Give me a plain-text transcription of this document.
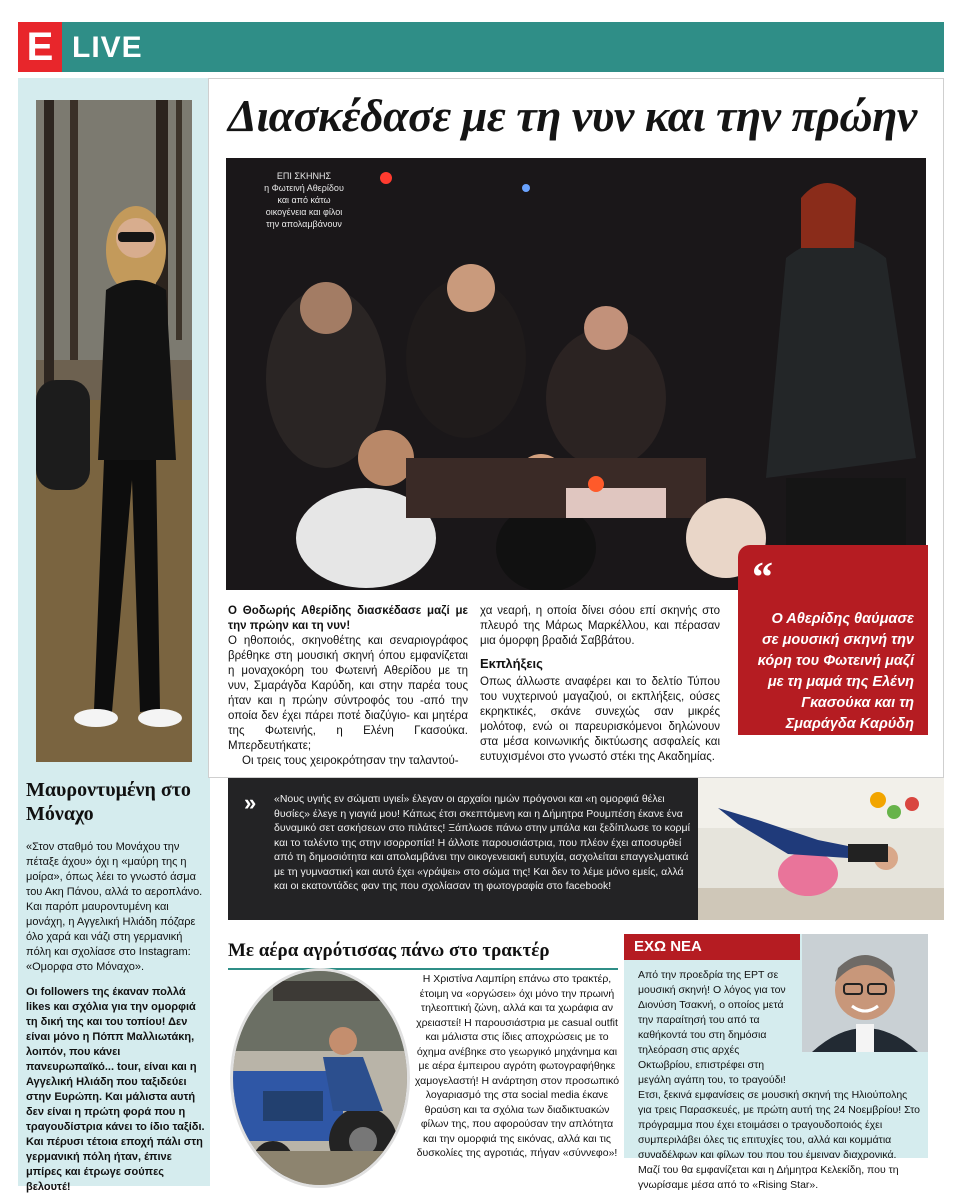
E LIVE
Μαυροντυμένη στο Μόναχο

«Στον σταθμό του Μονάχου την πέταξε άχου» όχι η «μαύρη της η μοίρα», όπως λέει το γνωστό άσμα του Ακη Πάνου, αλλά το αεροπλάνο. Και παρόπ μαυροντυμένη και μονάχη, η Αγγελική Ηλιάδη πόζαρε όλο χαρά και νάζι στη γερμανική πόλη και σχολίασε στο Instagram: «Ομορφα στο Μόναχο».

Οι followers της έκαναν πολλά likes και σχόλια για την ομορφιά τη δική της και του τοπίου! Δεν είναι μόνο η Πόππ Μαλλιωτάκη, λοιπόν, που κάνει πανευρωπαϊκό... tour, είναι και η Αγγελική Ηλιάδη που ταξιδεύει στην Ευρώπη. Και μάλιστα αυτή δεν είναι η πρώτη φορά που η τραγουδίστρια κάνει το ίδιο ταξίδι. Και πέρυσι τέτοια εποχή πάλι στη γερμανική πόλη ήταν, έπινε μπίρες και έτρωγε σούπες βελουτέ!

Διασκέδασε με τη νυν και την πρώην
ΕΠΙ ΣΚΗΝΗΣ
η Φωτεινή Αθερίδου
και από κάτω
οικογένεια και φίλοι
την απολαμβάνουν

Ο Θοδωρής Αθερίδης διασκέδασε μαζί με την πρώην και τη νυν!

Ο ηθοποιός, σκηνοθέτης και σεναριογράφος βρέθηκε στη μουσική σκηνή όπου εμφανίζεται η μοναχοκόρη του Φωτεινή Αθερίδου με τη νυν, Σμαράγδα Καρύδη, και στην παρέα τους ήταν και η πρώην σύντροφός του -από την οποία δεν έχει πάρει ποτέ διαζύγιο- και μητέρα της Φωτεινής, η Ελένη Γκασούκα. Μπερδευτήκατε;

Οι τρεις τους χειροκρότησαν την ταλαντού-

χα νεαρή, η οποία δίνει σόου επί σκηνής στο πλευρό της Μάρως Μαρκέλλου, και πέρασαν μια όμορφη βραδιά Σαββάτου.

Εκπλήξεις

Οπως άλλωστε αναφέρει και το δελτίο Τύπου του νυχτερινού μαγαζιού, οι εκπλήξεις, ούσες εκρηκτικές, σκάνε συνεχώς σαν μικρές μολότοφ, ενώ οι παρευρισκόμενοι δηλώνουν στα μέσα κοινωνικής δικτύωσης ασφαλείς και ευτυχισμένοι στο γνωστό στέκι της Ακαδημίας.

“
Ο Αθερίδης θαύμασε σε μουσική σκηνή την κόρη του Φωτεινή μαζί με τη μαμά της Ελένη Γκασούκα και τη Σμαράγδα Καρύδη
» «Νους υγιής εν σώματι υγιεί» έλεγαν οι αρχαίοι ημών πρόγονοι και «η ομορφιά θέλει θυσίες» έλεγε η γιαγιά μου! Κάπως έτσι σκεπτόμενη και η Δήμητρα Ρουμπέση έκανε ένα δυναμικό σετ ασκήσεων στο πιλάτες! Ξάπλωσε πάνω στην μπάλα και ξεδίπλωσε το κορμί και το ταλέντο της στην ισορροπία! Η άλλοτε παρουσιάστρια, που πλέον έχει αποσυρθεί από τη δημοσιότητα και απολαμβάνει την οικογενειακή ευτυχία, ασχολείται επαγγελματικά με τη γυμναστική και αυτό έχει «γράψει» στο σώμα της! Και δεν το λέμε μόνο εμείς, αλλά και οι εκατοντάδες φαν της που σχολίασαν τη φωτογραφία στο facebook!
Με αέρα αγρότισσας πάνω στο τρακτέρ
Η Χριστίνα Λαμπίρη επάνω στο τρακτέρ, έτοιμη να «οργώσει» όχι μόνο την πρωινή τηλεοπτική ζώνη, αλλά και τα χωράφια αν χρειαστεί! Η παρουσιάστρια με casual outfit και μάλιστα στις ίδιες αποχρώσεις με το όχημα ανέβηκε στο γεωργικό μηχάνημα και με αέρα έμπειρου αγρότη φωτογραφήθηκε χαμογελαστή! Η ανάρτηση στον προσωπικό λογαριασμό της στα social media έκανε θραύση και τα σχόλια των διαδικτυακών φίλων της, που αφορούσαν την απλότητα και την ομορφιά της εικόνας, αλλά και τις δυσκολίες της αγροτιάς, πήγαν «σύννεφο»!
ΕΧΩ ΝΕΑ

Από την προεδρία της ΕΡΤ σε μουσική σκηνή! Ο λόγος για τον Διονύση Τσακνή, ο οποίος μετά την παραίτησή του από τα καθήκοντά του στη δημόσια τηλεόραση στις αρχές Οκτωβρίου, επιστρέφει στη μεγάλη αγάπη του, το τραγούδι!

Ετσι, ξεκινά εμφανίσεις σε μουσική σκηνή της Ηλιούπολης για τρεις Παρασκευές, με πρώτη αυτή της 24 Νοεμβρίου! Στο πρόγραμμα που έχει ετοιμάσει ο τραγουδοποιός έχει συμπεριλάβει όλες τις επιτυχίες του, αλλά και κομμάτια συναδέλφων και φίλων του που του έμειναν διαχρονικά. Μαζί του θα εμφανίζεται και η Δήμητρα Κελεκίδη, που τη γνωρίσαμε μέσα από το «Rising Star».
